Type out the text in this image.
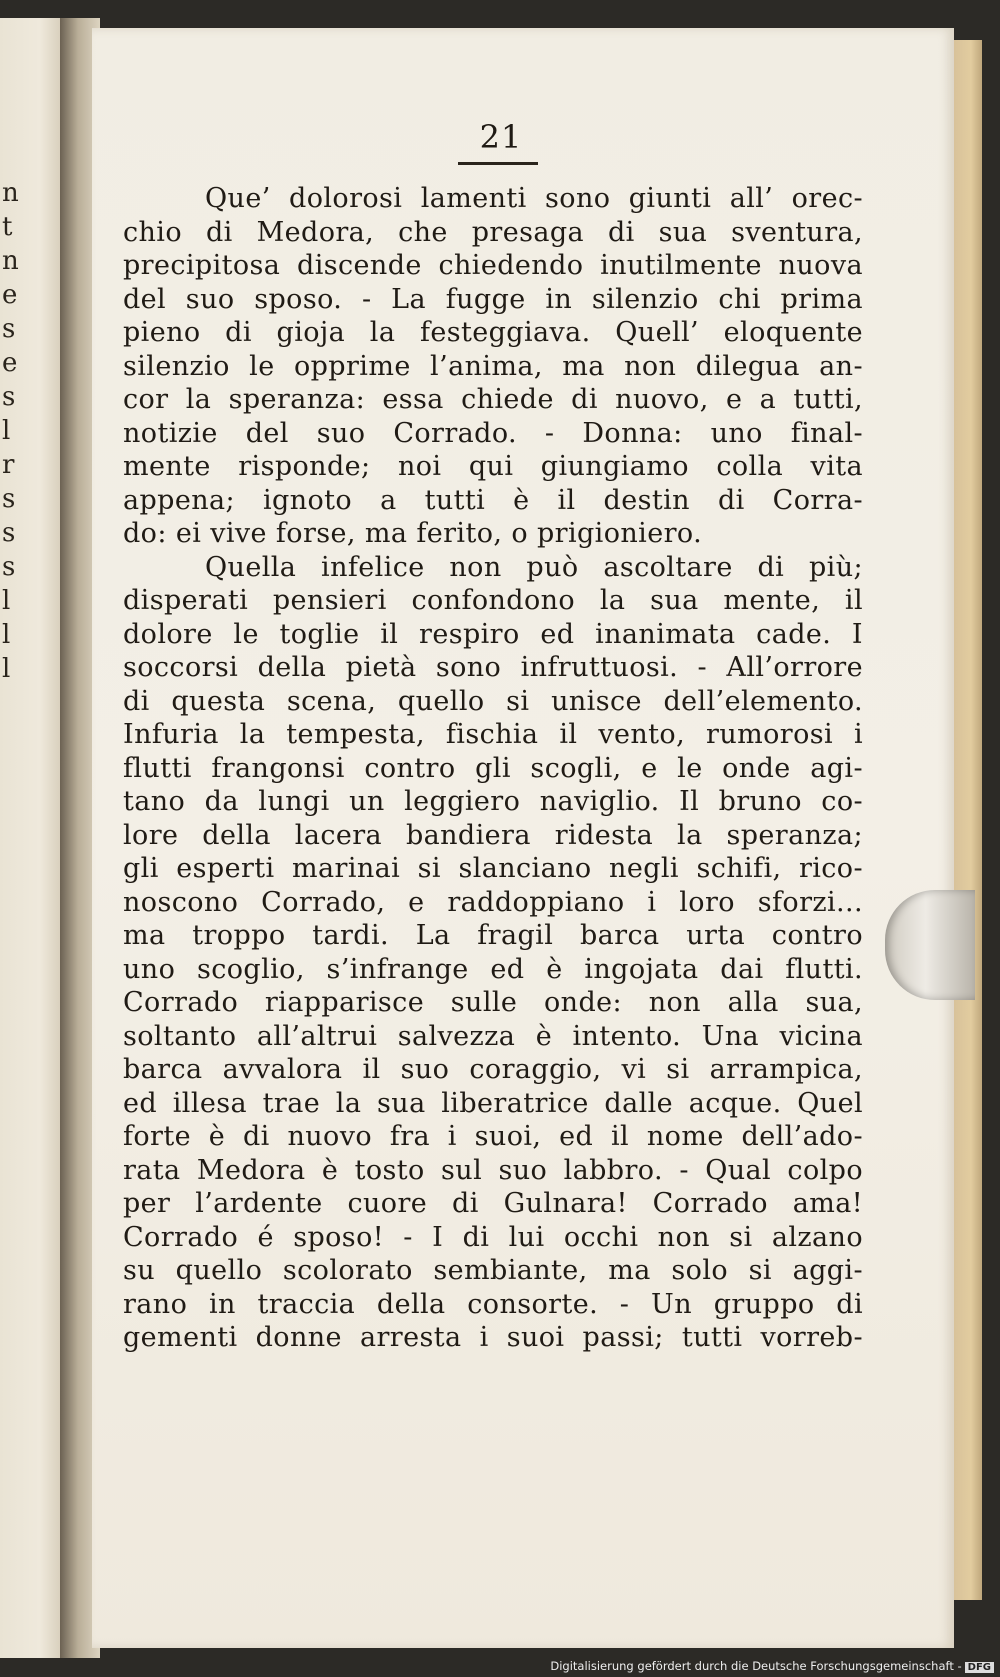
n
t
n
e
s
e
s
l
r
s
s
s
l
l
l
21
Que’ dolorosi lamenti sono giunti all’ orec-
chio di Medora, che presaga di sua sventura,
precipitosa discende chiedendo inutilmente nuova
del suo sposo. - La fugge in silenzio chi prima
pieno di gioja la festeggiava. Quell’ eloquente
silenzio le opprime l’anima, ma non dilegua an-
cor la speranza: essa chiede di nuovo, e a tutti,
notizie del suo Corrado. - Donna: uno final-
mente risponde; noi qui giungiamo colla vita
appena; ignoto a tutti è il destin di Corra-
do: ei vive forse, ma ferito, o prigioniero.
Quella infelice non può ascoltare di più;
disperati pensieri confondono la sua mente, il
dolore le toglie il respiro ed inanimata cade. I
soccorsi della pietà sono infruttuosi. - All’orrore
di questa scena, quello si unisce dell’elemento.
Infuria la tempesta, fischia il vento, rumorosi i
flutti frangonsi contro gli scogli, e le onde agi-
tano da lungi un leggiero naviglio. Il bruno co-
lore della lacera bandiera ridesta la speranza;
gli esperti marinai si slanciano negli schifi, rico-
noscono Corrado, e raddoppiano i loro sforzi...
ma troppo tardi. La fragil barca urta contro
uno scoglio, s’infrange ed è ingojata dai flutti.
Corrado riapparisce sulle onde: non alla sua,
soltanto all’altrui salvezza è intento. Una vicina
barca avvalora il suo coraggio, vi si arrampica,
ed illesa trae la sua liberatrice dalle acque. Quel
forte è di nuovo fra i suoi, ed il nome dell’ado-
rata Medora è tosto sul suo labbro. - Qual colpo
per l’ardente cuore di Gulnara! Corrado ama!
Corrado é sposo! - I di lui occhi non si alzano
su quello scolorato sembiante, ma solo si aggi-
rano in traccia della consorte. - Un gruppo di
gementi donne arresta i suoi passi; tutti vorreb-
Digitalisierung gefördert durch die Deutsche Forschungsgemeinschaft - DFG
